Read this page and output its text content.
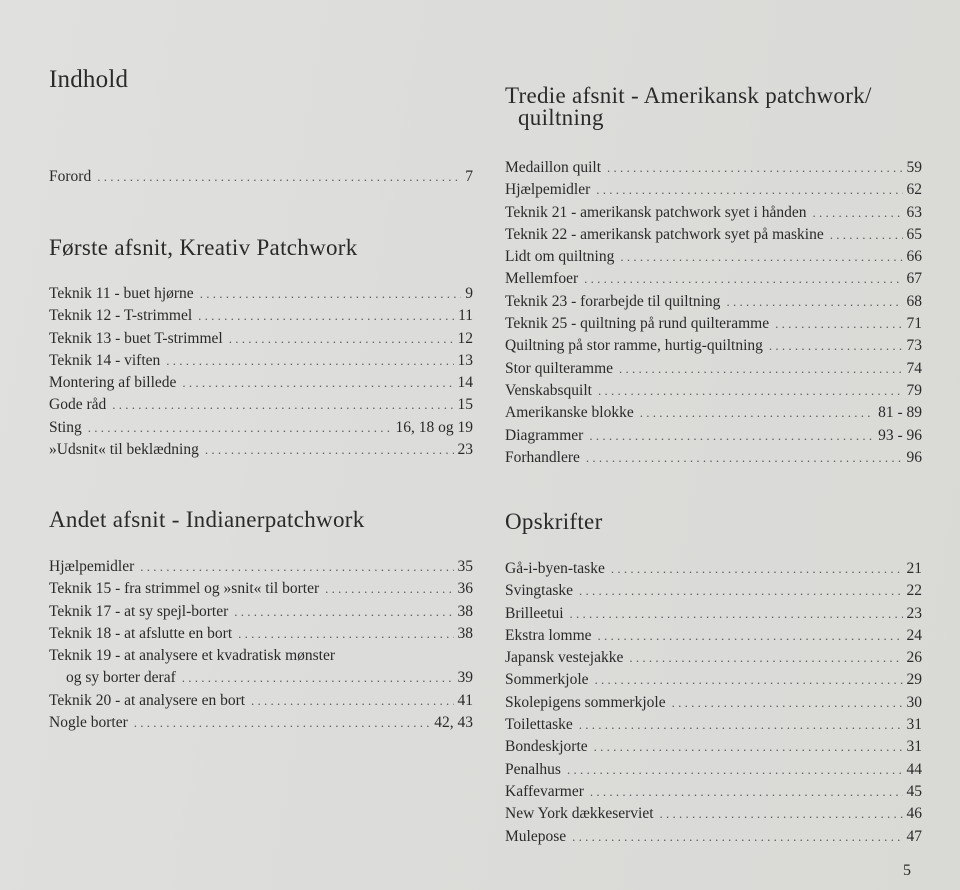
Indhold
Forord . . .	7
Første afsnit, Kreativ Patchwork
Teknik 11 - buet hjørne . . .	9
Teknik 12 - T-strimmel . . .	11
Teknik 13 - buet T-strimmel . . .	12
Teknik 14 - viften . . .	13
Montering af billede . . .	14
Gode råd . . .	15
Sting . . .	16, 18 og 19
»Udsnit« til beklædning . . .	23
Andet afsnit - Indianerpatchwork
Hjælpemidler . . .	35
Teknik 15 - fra strimmel og »snit« til borter . . .	36
Teknik 17 - at sy spejl-borter . . .	38
Teknik 18 - at afslutte en bort . . .	38
Teknik 19 - at analysere et kvadratisk mønster
og sy borter deraf . . .	39
Teknik 20 - at analysere en bort . . .	41
Nogle borter . . .	42, 43
Tredie afsnit - Amerikansk patchwork/
quiltning
Medaillon quilt . . .	59
Hjælpemidler . . .	62
Teknik 21 - amerikansk patchwork syet i hånden . . .	63
Teknik 22 - amerikansk patchwork syet på maskine . . .	65
Lidt om quiltning . . .	66
Mellemfoer . . .	67
Teknik 23 - forarbejde til quiltning . . .	68
Teknik 25 - quiltning på rund quilteramme . . .	71
Quiltning på stor ramme, hurtig-quiltning . . .	73
Stor quilteramme . . .	74
Venskabsquilt . . .	79
Amerikanske blokke . . .	81 - 89
Diagrammer . . .	93 - 96
Forhandlere . . .	96
Opskrifter
Gå-i-byen-taske . . .	21
Svingtaske . . .	22
Brilleetui . . .	23
Ekstra lomme . . .	24
Japansk vestejakke . . .	26
Sommerkjole . . .	29
Skolepigens sommerkjole . . .	30
Toilettaske . . .	31
Bondeskjorte . . .	31
Penalhus . . .	44
Kaffevarmer . . .	45
New York dækkeserviet . . .	46
Mulepose . . .	47
5
